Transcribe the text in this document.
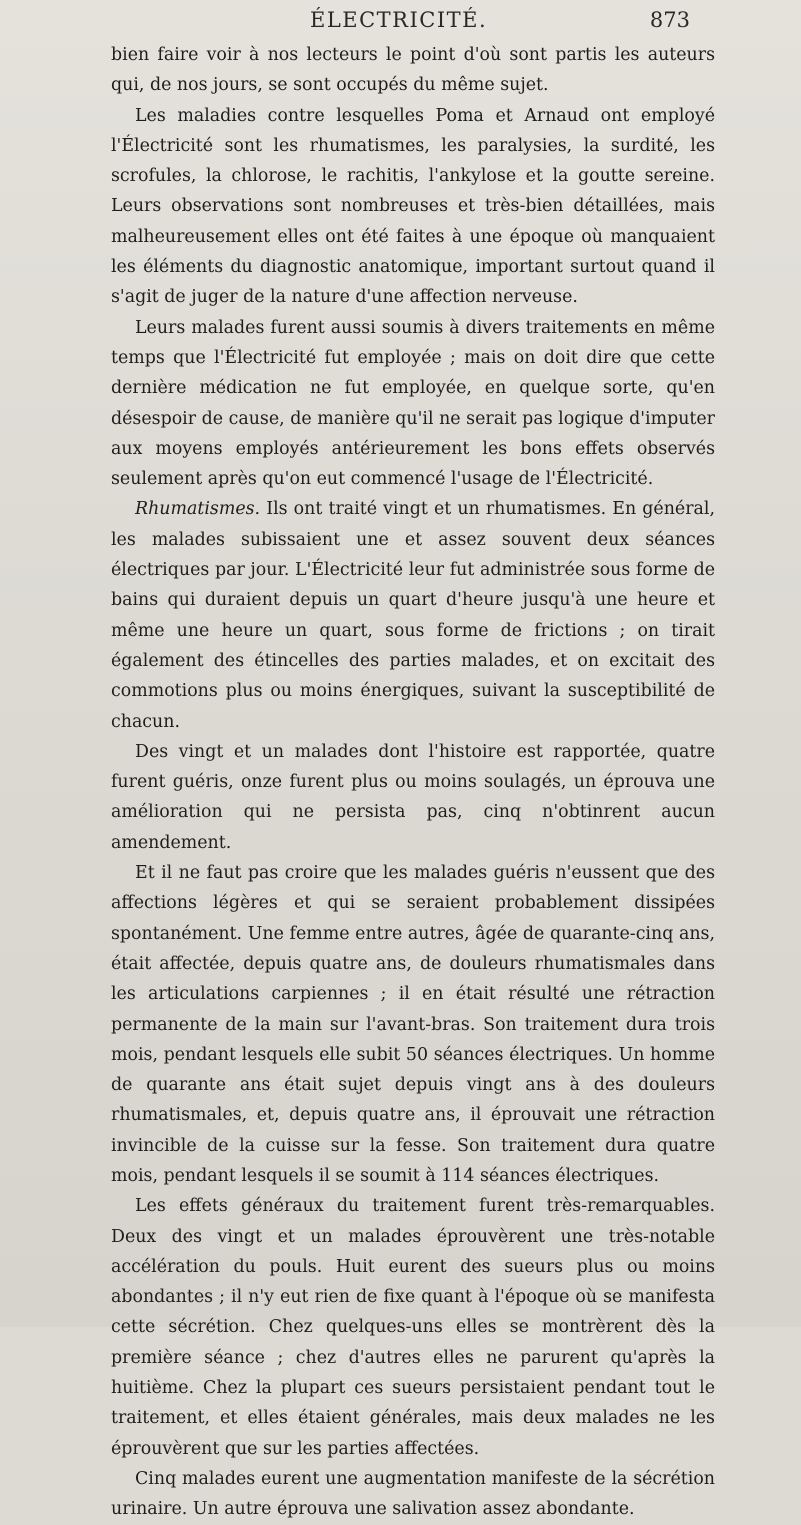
ÉLECTRICITÉ.	873

bien faire voir à nos lecteurs le point d'où sont partis les auteurs qui, de nos jours, se sont occupés du même sujet.

Les maladies contre lesquelles Poma et Arnaud ont employé l'Électricité sont les rhumatismes, les paralysies, la surdité, les scrofules, la chlorose, le rachitis, l'ankylose et la goutte sereine. Leurs observations sont nombreuses et très-bien détaillées, mais malheureusement elles ont été faites à une époque où manquaient les éléments du diagnostic anatomique, important surtout quand il s'agit de juger de la nature d'une affection nerveuse.

Leurs malades furent aussi soumis à divers traitements en même temps que l'Électricité fut employée ; mais on doit dire que cette dernière médication ne fut employée, en quelque sorte, qu'en désespoir de cause, de manière qu'il ne serait pas logique d'imputer aux moyens employés antérieurement les bons effets observés seulement après qu'on eut commencé l'usage de l'Électricité.

Rhumatismes. Ils ont traité vingt et un rhumatismes. En général, les malades subissaient une et assez souvent deux séances électriques par jour. L'Électricité leur fut administrée sous forme de bains qui duraient depuis un quart d'heure jusqu'à une heure et même une heure un quart, sous forme de frictions ; on tirait également des étincelles des parties malades, et on excitait des commotions plus ou moins énergiques, suivant la susceptibilité de chacun.

Des vingt et un malades dont l'histoire est rapportée, quatre furent guéris, onze furent plus ou moins soulagés, un éprouva une amélioration qui ne persista pas, cinq n'obtinrent aucun amendement.

Et il ne faut pas croire que les malades guéris n'eussent que des affections légères et qui se seraient probablement dissipées spontanément. Une femme entre autres, âgée de quarante-cinq ans, était affectée, depuis quatre ans, de douleurs rhumatismales dans les articulations carpiennes ; il en était résulté une rétraction permanente de la main sur l'avant-bras. Son traitement dura trois mois, pendant lesquels elle subit 50 séances électriques. Un homme de quarante ans était sujet depuis vingt ans à des douleurs rhumatismales, et, depuis quatre ans, il éprouvait une rétraction invincible de la cuisse sur la fesse. Son traitement dura quatre mois, pendant lesquels il se soumit à 114 séances électriques.

Les effets généraux du traitement furent très-remarquables. Deux des vingt et un malades éprouvèrent une très-notable accélération du pouls. Huit eurent des sueurs plus ou moins abondantes ; il n'y eut rien de fixe quant à l'époque où se manifesta cette sécrétion. Chez quelques-uns elles se montrèrent dès la première séance ; chez d'autres elles ne parurent qu'après la huitième. Chez la plupart ces sueurs persistaient pendant tout le traitement, et elles étaient générales, mais deux malades ne les éprouvèrent que sur les parties affectées.

Cinq malades eurent une augmentation manifeste de la sécrétion urinaire. Un autre éprouva une salivation assez abondante.
